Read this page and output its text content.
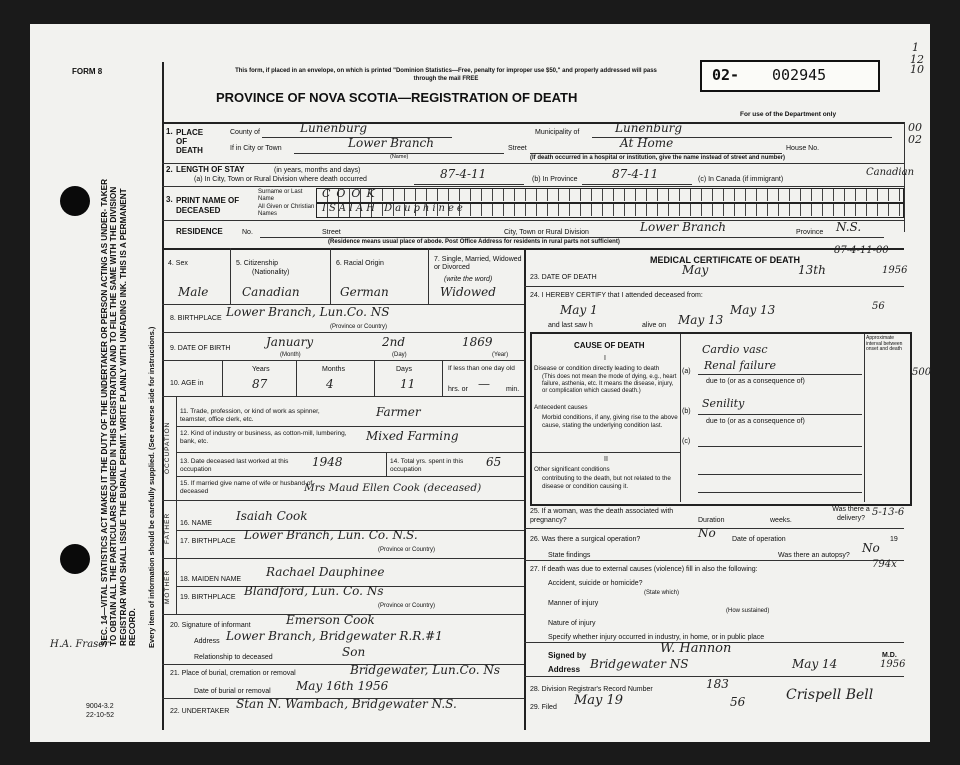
FORM 8	This form, if placed in an envelope, on which is printed "Dominion Statistics—Free, penalty for improper use $50," and properly addressed will pass through the mail FREE
PROVINCE OF NOVA SCOTIA—REGISTRATION OF DEATH
02- 002945
For use of the Department only
1
12
10
00
02
SEC. 14—VITAL STATISTICS ACT MAKES IT THE DUTY OF THE UNDERTAKER OR PERSON ACTING AS UNDER- TAKER TO OBTAIN ALL THE PARTICULARS REQUIRED IN THIS REGISTRATION AND TO FILE THE SAME WITH THE DIVISION REGISTRAR WHO SHALL ISSUE THE BURIAL PERMIT. WRITE PLAINLY WITH UNFADING INK. THIS IS A PERMANENT RECORD. Every item of information should be carefully supplied. (See reverse side for instructions.)
H.A. Fraser
9004-3.2
22-10-52
1. PLACE OF DEATH
County of	Lunenburg	Municipality of	Lunenburg
If in City or Town	Lower Branch
(Name)
Street	At Home	House No.
(If death occurred in a hospital or institution, give the name instead of street and number)
2. LENGTH OF STAY	(in years, months and days)
(a) In City, Town or Rural Division where death occurred	87-4-11	(b) In Province	87-4-11	(c) In Canada (if immigrant)
Canadian
3. PRINT NAME OF DECEASED
Surname or Last Name
All Given or Christian Names
COOK
ISAIAH Dauphinee
RESIDENCE	No.	Street	City, Town or Rural Division	Lower Branch	Province N.S.
(Residence means usual place of abode. Post Office Address for residents in rural parts not sufficient)
4. Sex
Male
5. Citizenship
(Nationality)
Canadian
6. Racial Origin
German
7. Single, Married, Widowed or Divorced
(write the word)
Widowed
8. BIRTHPLACE Lower Branch, Lun.Co. NS
(Province or Country)
9. DATE OF BIRTH	January	2nd	1869
(Month)	(Day)	(Year)
10. AGE in
Years	Months	Days	If less than one day old
87	4	11	hrs. or — min.
OCCUPATION
11. Trade, profession, or kind of work as spinner, teamster, office clerk, etc.
Farmer
12. Kind of industry or business, as cotton-mill, lumbering, bank, etc.	Mixed Farming
13. Date deceased last worked at this occupation
1948	14. Total yrs. spent in this occupation
65
15. If married give name of wife or husband of deceased	Mrs Maud Ellen Cook (deceased)
FATHER 16. NAME
Isaiah Cook
17. BIRTHPLACE Lower Branch, Lun. Co. N.S.
(Province or Country)
MOTHER 18. MAIDEN NAME
Rachael Dauphinee
19. BIRTHPLACE Blandford, Lun. Co. Ns
(Province or Country)
20. Signature of informant	Emerson Cook
Address Lower Branch, Bridgewater R.R.#1
Relationship to deceased	Son
21. Place of burial, cremation or removal	Bridgewater, Lun.Co. Ns
Date of burial or removal May 16th 1956
22. UNDERTAKER
Stan N. Wambach, Bridgewater N.S.
MEDICAL CERTIFICATE OF DEATH
87-4-11-00
23. DATE OF DEATH
May	13th	1956
24. I HEREBY CERTIFY that I attended deceased from:
May 1	May 13	56
and last saw h	alive on May 13
CAUSE OF DEATH
Approximate interval between onset and death
I
Disease or condition directly leading to death
(This does not mean the mode of dying, e.g., heart failure, asthenia, etc. It means the disease, injury, or complication which caused death.)
(a)
Cardio vasc
Renal failure
due to (or as a consequence of)
500
Antecedent causes
Morbid conditions, if any, giving rise to the above cause, stating the underlying condition last.
(b)
Senility
due to (or as a consequence of)
(c)
II
Other significant conditions
contributing to the death, but not related to the disease or condition causing it.
25. If a woman, was the death associated with pregnancy?	Duration	weeks.
Was there a delivery?
5-13-6
26. Was there a surgical operation?	No Date of operation	19
State findings	Was there an autopsy?
No
27. If death was due to external causes (violence) fill in also the following:	794x
Accident, suicide or homicide?
(State which)
Manner of injury
(How sustained)
Nature of injury
Specify whether injury occurred in industry, in home, or in public place
Signed by	W. Hannon	M.D.
Address Bridgewater NS	May 14	1956
28. Division Registrar's Record Number	183
29. Filed May 19	56	Crispell Bell
